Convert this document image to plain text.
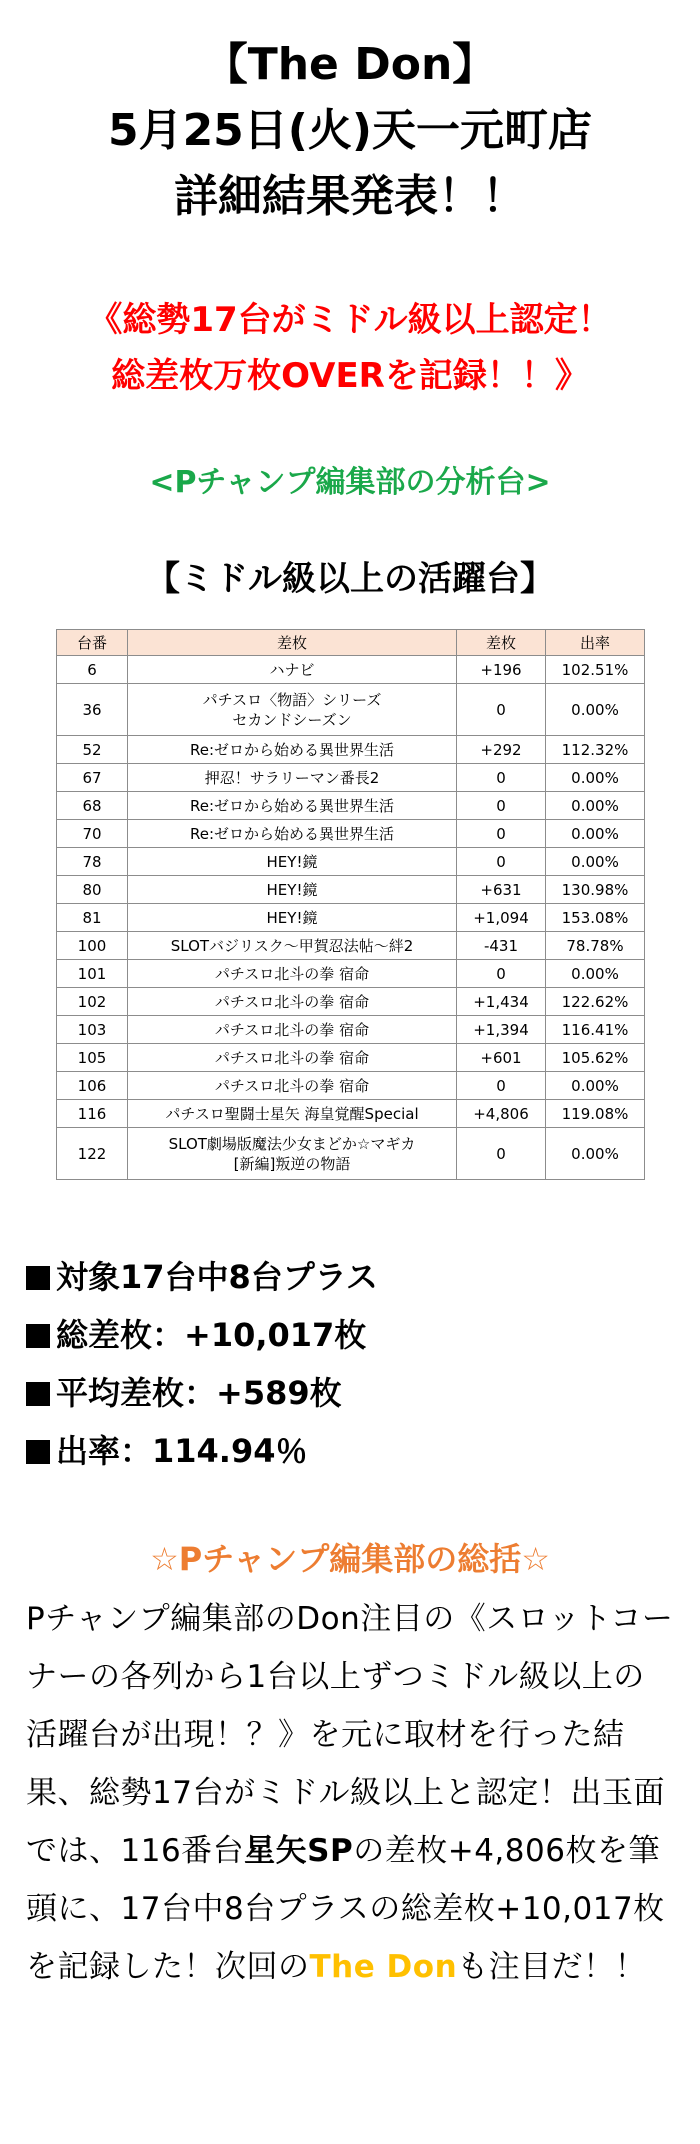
【The Don】
5月25日(火)天一元町店
詳細結果発表！！
《総勢17台がミドル級以上認定！
総差枚万枚OVERを記録！！》
<Pチャンプ編集部の分析台>
【ミドル級以上の活躍台】
台番	差枚	差枚	出率
6	ハナビ	+196	102.51%
36	パチスロ〈物語〉シリーズ
セカンドシーズン	0	0.00%
52	Re:ゼロから始める異世界生活	+292	112.32%
67	押忍！サラリーマン番長2	0	0.00%
68	Re:ゼロから始める異世界生活	0	0.00%
70	Re:ゼロから始める異世界生活	0	0.00%
78	HEY!鏡	0	0.00%
80	HEY!鏡	+631	130.98%
81	HEY!鏡	+1,094	153.08%
100	SLOTバジリスク～甲賀忍法帖～絆2	-431	78.78%
101	パチスロ北斗の拳 宿命	0	0.00%
102	パチスロ北斗の拳 宿命	+1,434	122.62%
103	パチスロ北斗の拳 宿命	+1,394	116.41%
105	パチスロ北斗の拳 宿命	+601	105.62%
106	パチスロ北斗の拳 宿命	0	0.00%
116	パチスロ聖闘士星矢 海皇覚醒Special	+4,806	119.08%
122	SLOT劇場版魔法少女まどか☆マギカ
[新編]叛逆の物語	0	0.00%
対象17台中8台プラス
総差枚：+10,017枚
平均差枚：+589枚
出率：114.94％
☆Pチャンプ編集部の総括☆
Pチャンプ編集部のDon注目の《スロットコーナーの各列から1台以上ずつミドル級以上の活躍台が出現！？》を元に取材を行った結果、総勢17台がミドル級以上と認定！出玉面では、116番台星矢SPの差枚+4,806枚を筆頭に、17台中8台プラスの総差枚+10,017枚を記録した！次回のThe Donも注目だ！！
